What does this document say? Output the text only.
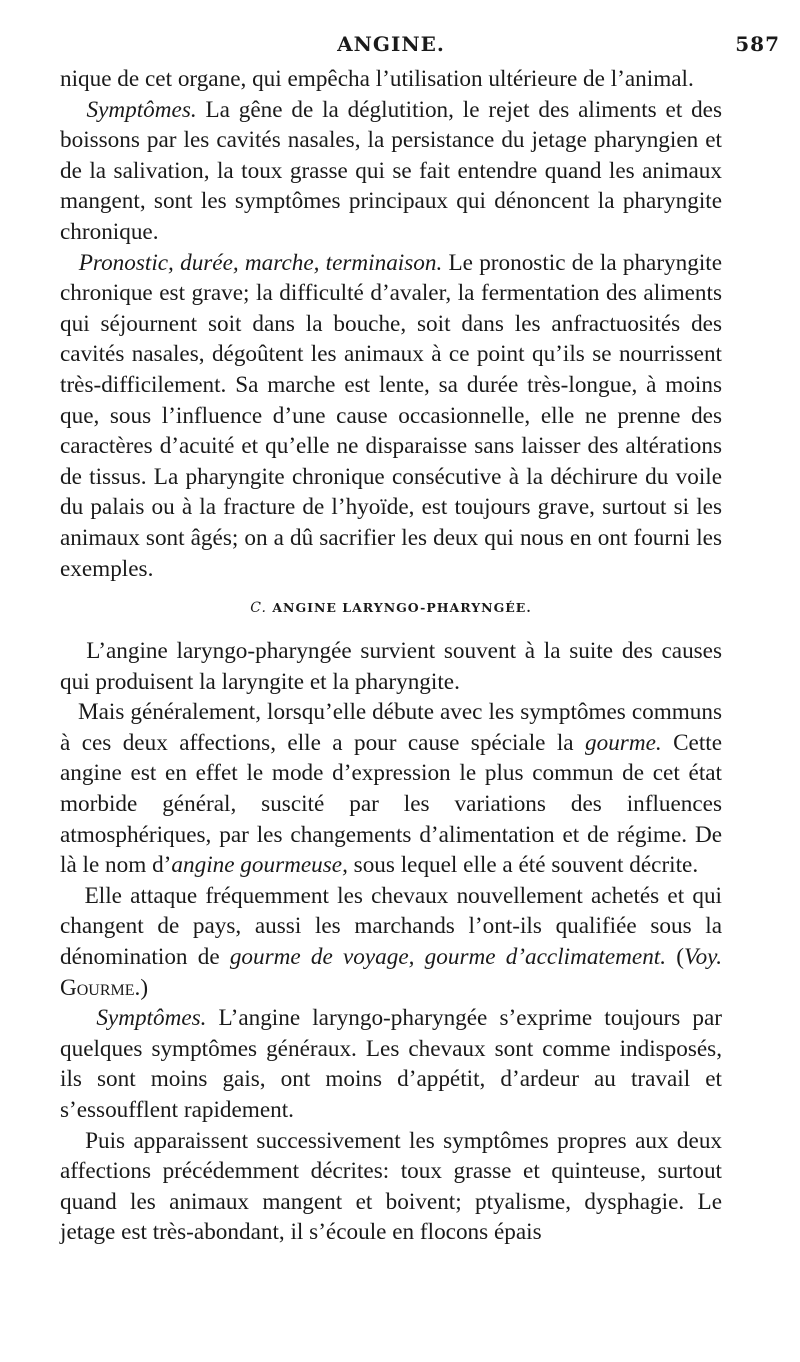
ANGINE.	587

nique de cet organe, qui empêcha l’utilisation ultérieure de l’animal.

Symptômes. La gêne de la déglutition, le rejet des aliments et des boissons par les cavités nasales, la persistance du jetage pharyngien et de la salivation, la toux grasse qui se fait entendre quand les animaux mangent, sont les symptômes principaux qui dénoncent la pharyngite chronique.

Pronostic, durée, marche, terminaison. Le pronostic de la pharyngite chronique est grave; la difficulté d’avaler, la fermentation des aliments qui séjournent soit dans la bouche, soit dans les anfractuosités des cavités nasales, dégoûtent les animaux à ce point qu’ils se nourrissent très-difficilement. Sa marche est lente, sa durée très-longue, à moins que, sous l’influence d’une cause occasionnelle, elle ne prenne des caractères d’acuité et qu’elle ne disparaisse sans laisser des altérations de tissus. La pharyngite chronique consécutive à la déchirure du voile du palais ou à la fracture de l’hyoïde, est toujours grave, surtout si les animaux sont âgés; on a dû sacrifier les deux qui nous en ont fourni les exemples.

C. ANGINE LARYNGO-PHARYNGÉE.

L’angine laryngo-pharyngée survient souvent à la suite des causes qui produisent la laryngite et la pharyngite.

Mais généralement, lorsqu’elle débute avec les symptômes communs à ces deux affections, elle a pour cause spéciale la gourme. Cette angine est en effet le mode d’expression le plus commun de cet état morbide général, suscité par les variations des influences atmosphériques, par les changements d’alimentation et de régime. De là le nom d’angine gourmeuse, sous lequel elle a été souvent décrite.

Elle attaque fréquemment les chevaux nouvellement achetés et qui changent de pays, aussi les marchands l’ont-ils qualifiée sous la dénomination de gourme de voyage, gourme d’acclimatement. (Voy. Gourme.)

Symptômes. L’angine laryngo-pharyngée s’exprime toujours par quelques symptômes généraux. Les chevaux sont comme indisposés, ils sont moins gais, ont moins d’appétit, d’ardeur au travail et s’essoufflent rapidement.

Puis apparaissent successivement les symptômes propres aux deux affections précédemment décrites: toux grasse et quinteuse, surtout quand les animaux mangent et boivent; ptyalisme, dysphagie. Le jetage est très-abondant, il s’écoule en flocons épais
